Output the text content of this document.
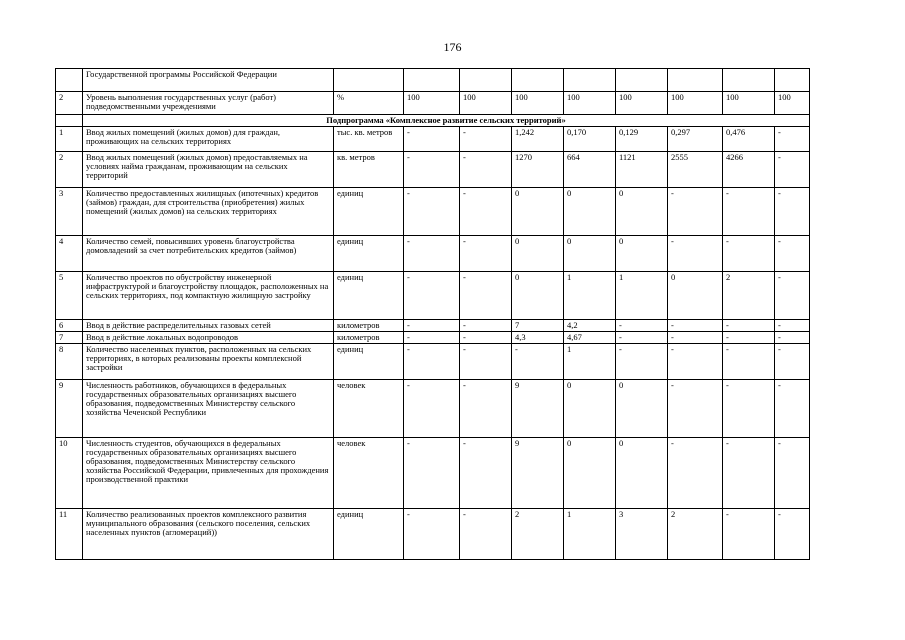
176
	Государственной программы Российской Федерации									
2	Уровень выполнения государственных услуг (работ) подведомственными учреждениями	%	100	100	100	100	100	100	100	100
	Подпрограмма «Комплексное развитие сельских территорий»									
1	Ввод жилых помещений (жилых домов) для граждан, проживающих на сельских территориях	тыс. кв. метров	-	-	1,242	0,170	0,129	0,297	0,476	-
2	Ввод жилых помещений (жилых домов) предоставляемых на условиях найма гражданам, проживающим на сельских территорий	кв. метров	-	-	1270	664	1121	2555	4266	-
3	Количество предоставленных жилищных (ипотечных) кредитов (займов) граждан, для строительства (приобретения) жилых помещений (жилых домов) на сельских территориях	единиц	-	-	0	0	0	-	-	-
4	Количество семей, повысивших уровень благоустройства домовладений за счет потребительских кредитов (займов)	единиц	-	-	0	0	0	-	-	-
5	Количество проектов по обустройству инженерной инфраструктурой и благоустройству площадок, расположенных на сельских территориях, под компактную жилищную застройку	единиц	-	-	0	1	1	0	2	-
6	Ввод в действие распределительных газовых сетей	километров	-	-	7	4,2	-	-	-	-
7	Ввод в действие локальных водопроводов	километров	-	-	4,3	4,67	-	-	-	-
8	Количество населенных пунктов, расположенных на сельских территориях, в которых реализованы проекты комплексной застройки	единиц	-	-	-	1	-	-	-	-
9	Численность работников, обучающихся в федеральных государственных образовательных организациях высшего образования, подведомственных Министерству сельского хозяйства Чеченской Республики	человек	-	-	9	0	0	-	-	-
10	Численность студентов, обучающихся в федеральных государственных образовательных организациях высшего образования, подведомственных Министерству сельского хозяйства Российской Федерации, привлеченных для прохождения производственной практики	человек	-	-	9	0	0	-	-	-
11	Количество реализованных проектов комплексного развития муниципального образования (сельского поселения, сельских населенных пунктов (агломераций))	единиц	-	-	2	1	3	2	-	-
